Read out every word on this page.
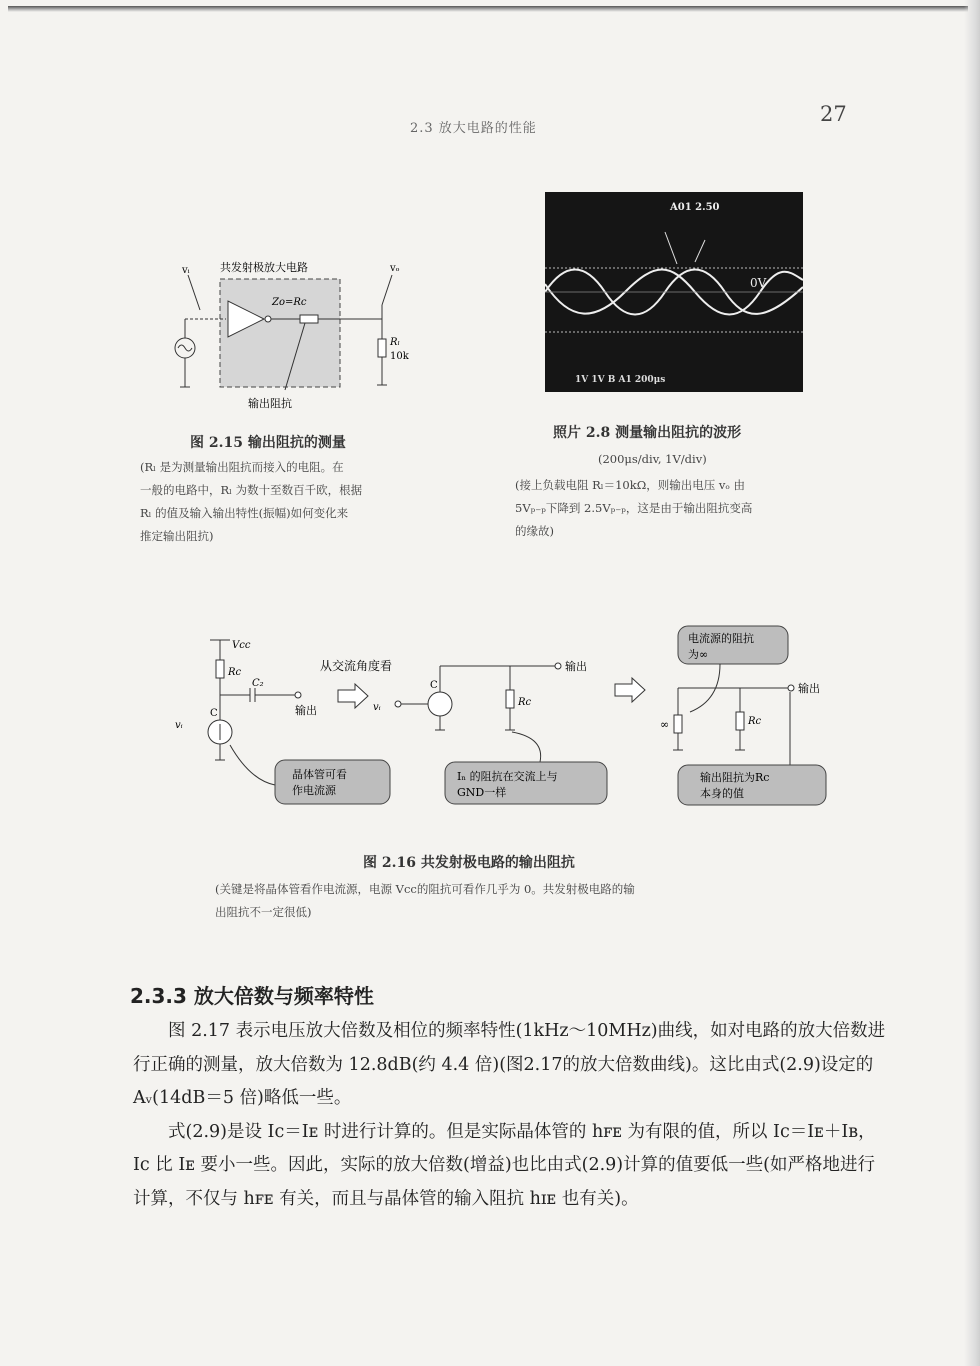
2.3 放大电路的性能
27
共发射极放大电路
vᵢ	vₒ
Zo=Rc
Rₗ
10k
输出阻抗
图 2.15 输出阻抗的测量
(Rₗ 是为测量输出阻抗而接入的电阻。在
一般的电路中，Rₗ 为数十至数百千欧，根据
Rₗ 的值及输入输出特性(振幅)如何变化来
推定输出阻抗)
A01 2.50
0V
1V 1V B A1 200μs
照片 2.8 测量输出阻抗的波形
(200μs/div, 1V/div)
(接上负载电阻 Rₗ＝10kΩ，则输出电压 vₒ 由
5Vₚ₋ₚ下降到 2.5Vₚ₋ₚ，这是由于输出阻抗变高
的缘故)
Vcc
Rc
C₂
输出
C
vᵢ
晶体管可看
作电流源
从交流角度看
vᵢ
C
输出
Rc
Iₙ 的阻抗在交流上与
GND一样
电流源的阻抗
为∞
输出
∞	Rc
输出阻抗为Rc
本身的值
图 2.16 共发射极电路的输出阻抗
(关键是将晶体管看作电流源，电源 Vcc的阻抗可看作几乎为 0。共发射极电路的输
出阻抗不一定很低)
2.3.3 放大倍数与频率特性

图 2.17 表示电压放大倍数及相位的频率特性(1kHz～10MHz)曲线，如对电路的放大倍数进行正确的测量，放大倍数为 12.8dB(约 4.4 倍)(图2.17的放大倍数曲线)。这比由式(2.9)设定的 Aᵥ(14dB＝5 倍)略低一些。

式(2.9)是设 Ic＝Iᴇ 时进行计算的。但是实际晶体管的 hꜰᴇ 为有限的值，所以 Ic＝Iᴇ＋Iʙ，Ic 比 Iᴇ 要小一些。因此，实际的放大倍数(增益)也比由式(2.9)计算的值要低一些(如严格地进行计算，不仅与 hꜰᴇ 有关，而且与晶体管的输入阻抗 hɪᴇ 也有关)。
